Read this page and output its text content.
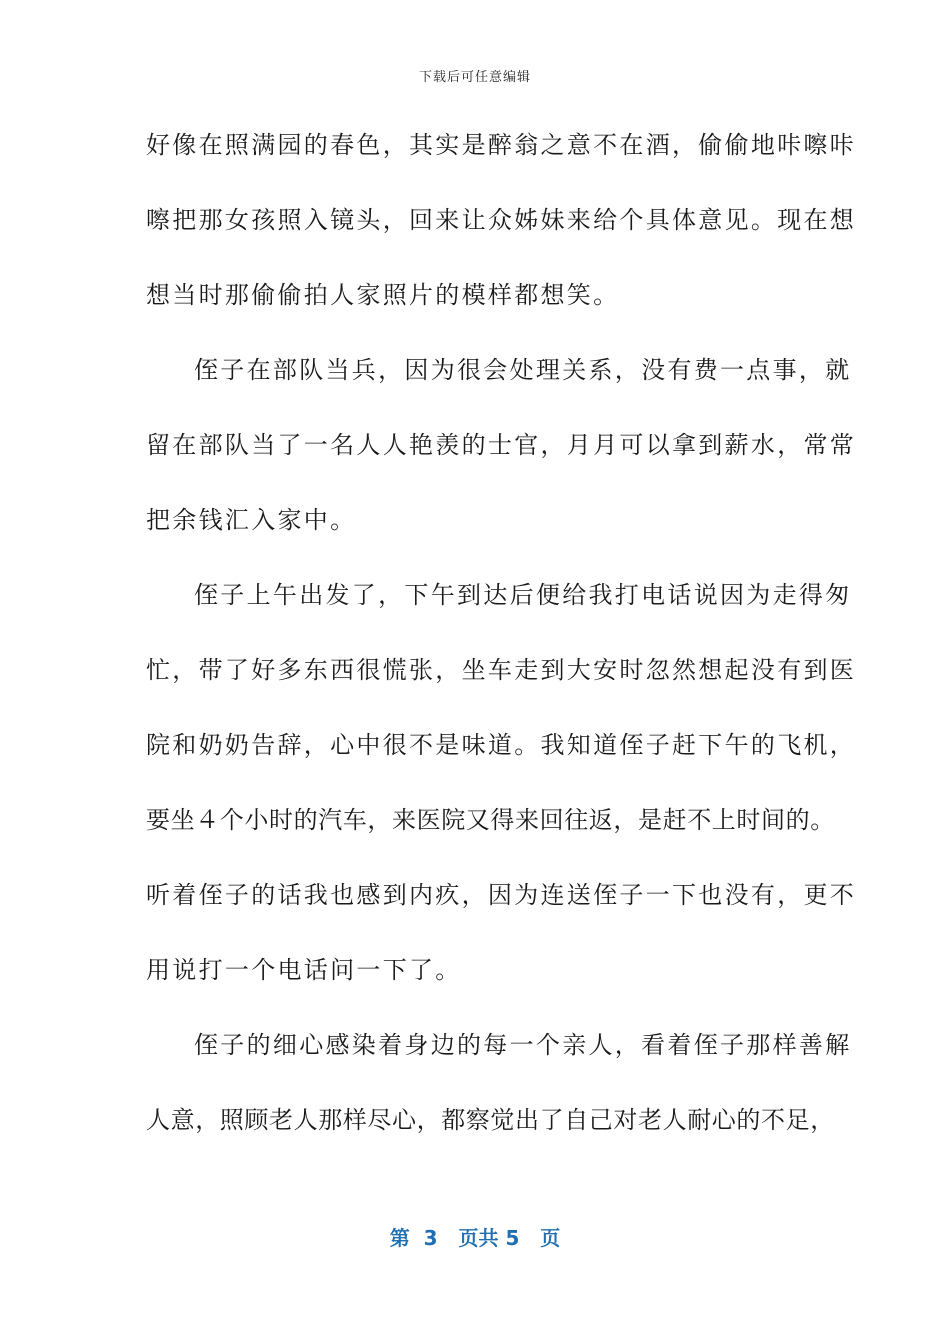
下载后可任意编辑
好像在照满园的春色，其实是醉翁之意不在酒，偷偷地咔嚓咔
嚓把那女孩照入镜头，回来让众姊妹来给个具体意见。现在想
想当时那偷偷拍人家照片的模样都想笑。
侄子在部队当兵，因为很会处理关系，没有费一点事，就
留在部队当了一名人人艳羡的士官，月月可以拿到薪水，常常
把余钱汇入家中。
侄子上午出发了，下午到达后便给我打电话说因为走得匆
忙，带了好多东西很慌张，坐车走到大安时忽然想起没有到医
院和奶奶告辞，心中很不是味道。我知道侄子赶下午的飞机，
要坐４个小时的汽车，来医院又得来回往返，是赶不上时间的。
听着侄子的话我也感到内疚，因为连送侄子一下也没有，更不
用说打一个电话问一下了。
侄子的细心感染着身边的每一个亲人，看着侄子那样善解
人意，照顾老人那样尽心，都察觉出了自己对老人耐心的不足，
第  3   页共 5   页
